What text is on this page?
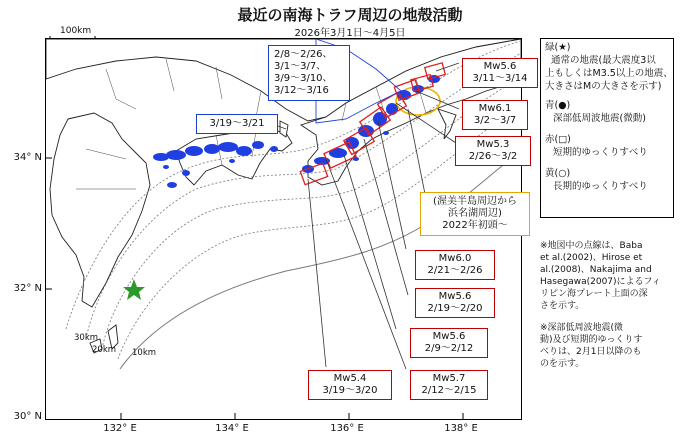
最近の南海トラフ周辺の地殻活動
2026年3月1日～4月5日
100km
34° N
32° N
30° N
132° E	134° E	136° E	138° E
30km
20km 10km
2/8～2/26、
3/1～3/7、
3/9～3/10、
3/12～3/16
3/19～3/21
Mw5.6
3/11～3/14
Mw6.1
3/2～3/7
Mw5.3
2/26～3/2
Mw6.0
2/21～2/26
Mw5.6
2/19～2/20
Mw5.6
2/9～2/12
Mw5.7
2/12～2/15
Mw5.4
3/19～3/20
(渥美半島周辺から
浜名湖周辺)
2022年初頭～
緑(★)
通常の地震(最大震度3以
上もしくはM3.5以上の地震、
大きさはMの大きさを示す)
青(●)
深部低周波地震(微動)
赤(□)
短期的ゆっくりすべり
黄(○)
長期的ゆっくりすべり
※地図中の点線は、Baba
et al.(2002)、Hirose et
al.(2008)、Nakajima and
Hasegawa(2007)によるフィ
リピン海プレート上面の深
さを示す。
※深部低周波地震(微
動)及び短期的ゆっくりす
べりは、2月1日以降のも
のを示す。
